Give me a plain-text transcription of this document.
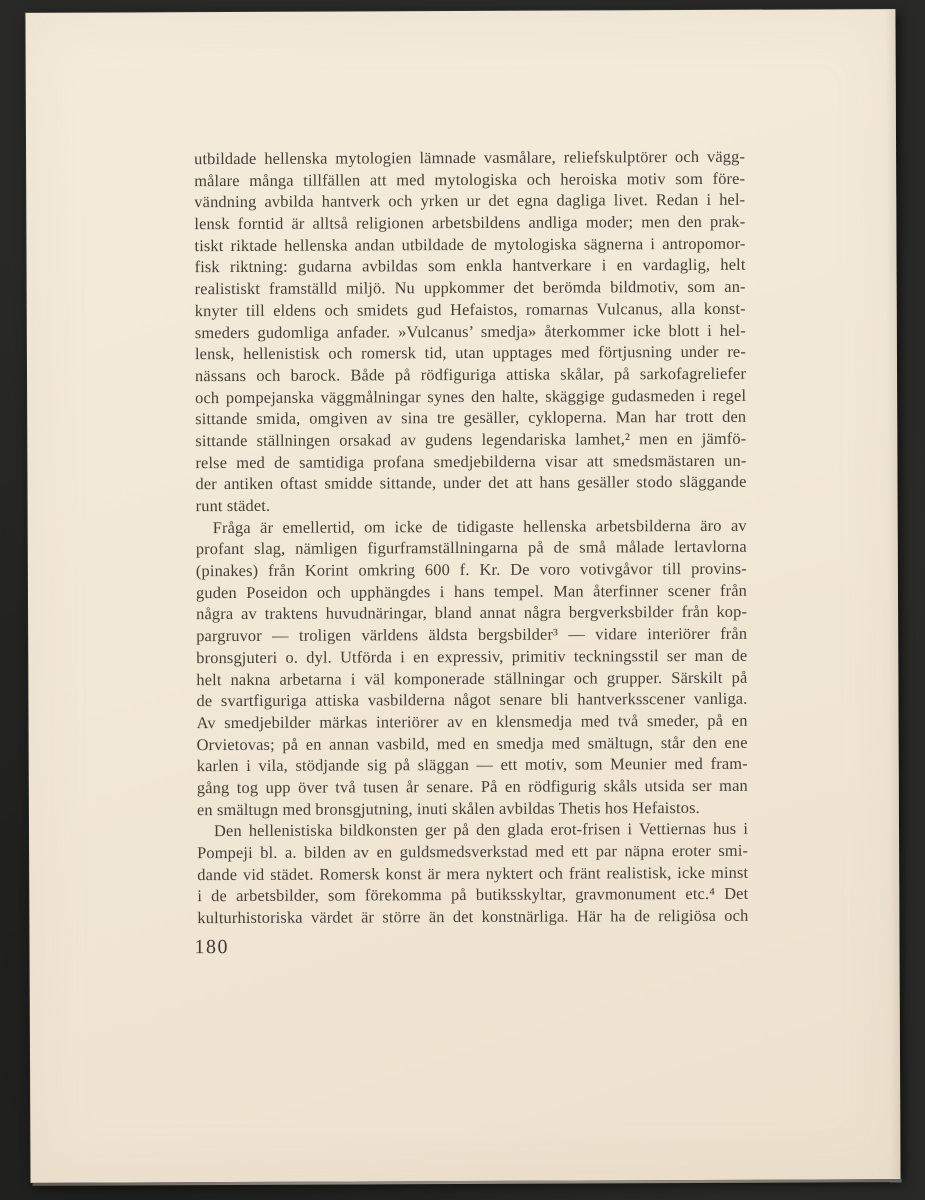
utbildade hellenska mytologien lämnade vasmålare, reliefskulptörer och vägg-
målare många tillfällen att med mytologiska och heroiska motiv som före-
vändning avbilda hantverk och yrken ur det egna dagliga livet. Redan i hel-
lensk forntid är alltså religionen arbetsbildens andliga moder; men den prak-
tiskt riktade hellenska andan utbildade de mytologiska sägnerna i antropomor-
fisk riktning: gudarna avbildas som enkla hantverkare i en vardaglig, helt
realistiskt framställd miljö. Nu uppkommer det berömda bildmotiv, som an-
knyter till eldens och smidets gud Hefaistos, romarnas Vulcanus, alla konst-
smeders gudomliga anfader. »Vulcanus’ smedja» återkommer icke blott i hel-
lensk, hellenistisk och romersk tid, utan upptages med förtjusning under re-
nässans och barock. Både på rödfiguriga attiska skålar, på sarkofagreliefer
och pompejanska väggmålningar synes den halte, skäggige gudasmeden i regel
sittande smida, omgiven av sina tre gesäller, cykloperna. Man har trott den
sittande ställningen orsakad av gudens legendariska lamhet,² men en jämfö-
relse med de samtidiga profana smedjebilderna visar att smedsmästaren un-
der antiken oftast smidde sittande, under det att hans gesäller stodo släggande
runt städet.
Fråga är emellertid, om icke de tidigaste hellenska arbetsbilderna äro av
profant slag, nämligen figurframställningarna på de små målade lertavlorna
(pinakes) från Korint omkring 600 f. Kr. De voro votivgåvor till provins-
guden Poseidon och upphängdes i hans tempel. Man återfinner scener från
några av traktens huvudnäringar, bland annat några bergverksbilder från kop-
pargruvor — troligen världens äldsta bergsbilder³ — vidare interiörer från
bronsgjuteri o. dyl. Utförda i en expressiv, primitiv teckningsstil ser man de
helt nakna arbetarna i väl komponerade ställningar och grupper. Särskilt på
de svartfiguriga attiska vasbilderna något senare bli hantverksscener vanliga.
Av smedjebilder märkas interiörer av en klensmedja med två smeder, på en
Orvietovas; på en annan vasbild, med en smedja med smältugn, står den ene
karlen i vila, stödjande sig på släggan — ett motiv, som Meunier med fram-
gång tog upp över två tusen år senare. På en rödfigurig skåls utsida ser man
en smältugn med bronsgjutning, inuti skålen avbildas Thetis hos Hefaistos.
Den hellenistiska bildkonsten ger på den glada erot-frisen i Vettiernas hus i
Pompeji bl. a. bilden av en guldsmedsverkstad med ett par näpna eroter smi-
dande vid städet. Romersk konst är mera nyktert och fränt realistisk, icke minst
i de arbetsbilder, som förekomma på butiksskyltar, gravmonument etc.⁴ Det
kulturhistoriska värdet är större än det konstnärliga. Här ha de religiösa och
180
